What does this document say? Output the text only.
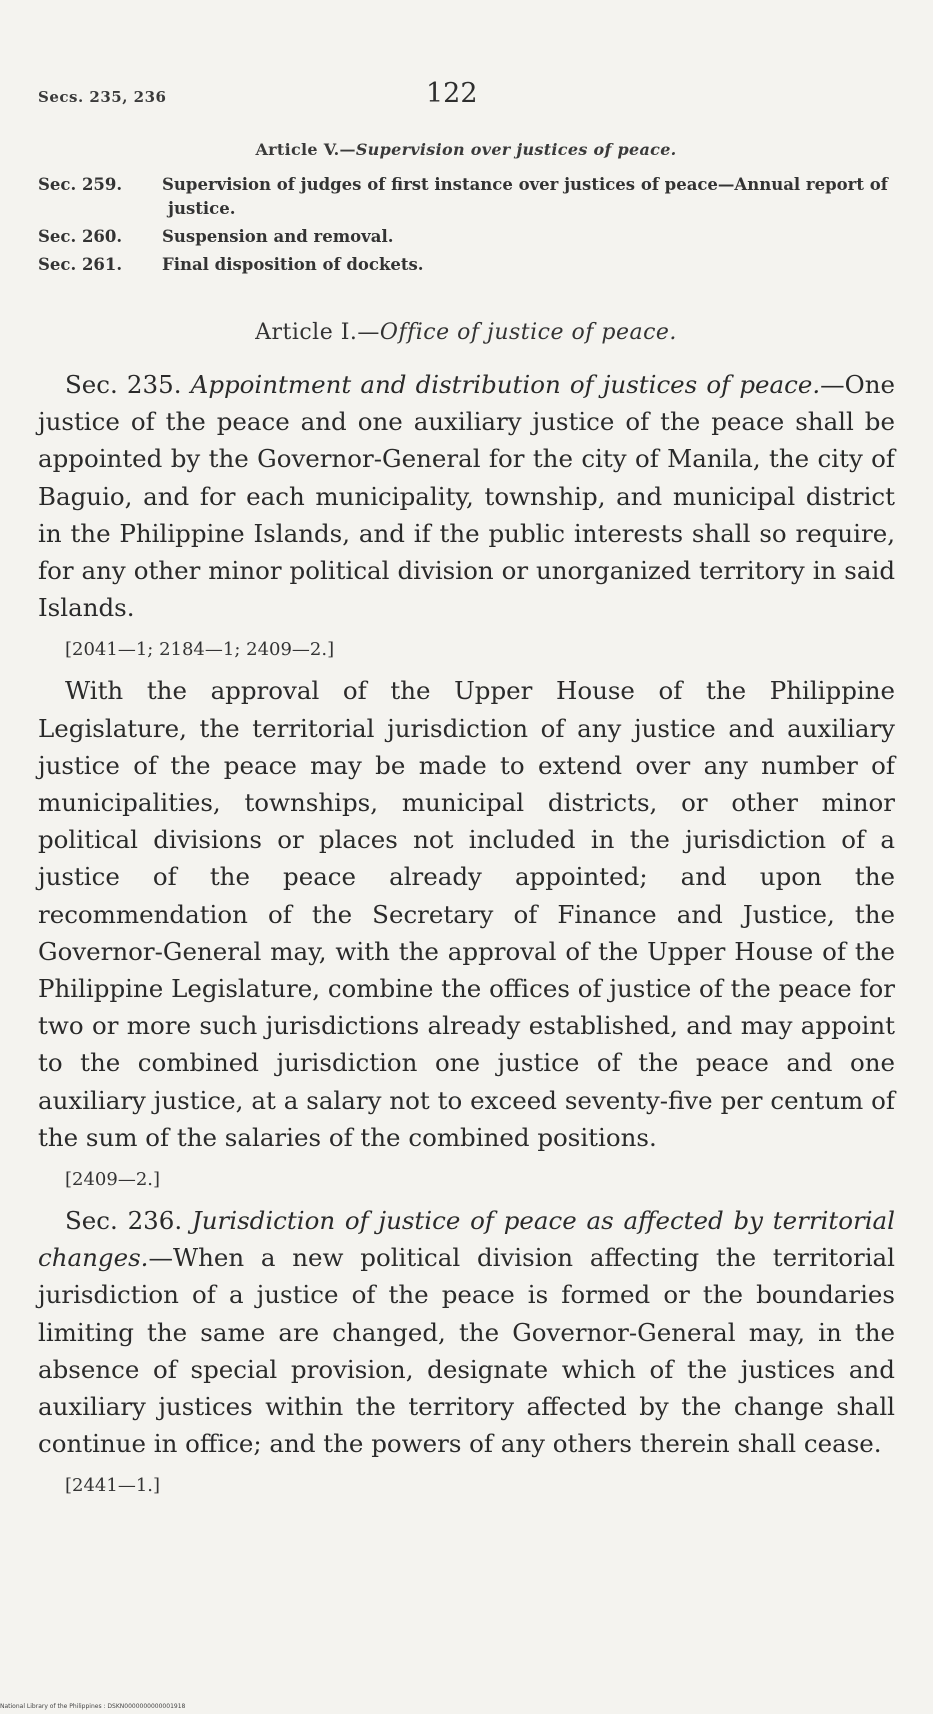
Secs. 235, 236	122
Article V.—Supervision over justices of peace.

Sec. 259. Supervision of judges of first instance over justices of peace—Annual report of justice.

Sec. 260. Suspension and removal.

Sec. 261. Final disposition of dockets.

Article I.—Office of justice of peace.

Sec. 235. Appointment and distribution of justices of peace.—One justice of the peace and one auxiliary justice of the peace shall be appointed by the Governor-General for the city of Manila, the city of Baguio, and for each municipality, township, and municipal district in the Philippine Islands, and if the public interests shall so require, for any other minor political division or unorganized territory in said Islands.

[2041—1; 2184—1; 2409—2.]

With the approval of the Upper House of the Philippine Legislature, the territorial jurisdiction of any justice and auxiliary justice of the peace may be made to extend over any number of municipalities, townships, municipal districts, or other minor political divisions or places not included in the jurisdiction of a justice of the peace already appointed; and upon the recommendation of the Secretary of Finance and Justice, the Governor-General may, with the approval of the Upper House of the Philippine Legislature, combine the offices of justice of the peace for two or more such jurisdictions already established, and may appoint to the combined jurisdiction one justice of the peace and one auxiliary justice, at a salary not to exceed seventy-five per centum of the sum of the salaries of the combined positions.

[2409—2.]

Sec. 236. Jurisdiction of justice of peace as affected by territorial changes.—When a new political division affecting the territorial jurisdiction of a justice of the peace is formed or the boundaries limiting the same are changed, the Governor-General may, in the absence of special provision, designate which of the justices and auxiliary justices within the territory affected by the change shall continue in office; and the powers of any others therein shall cease.

[2441—1.]
National Library of the Philippines : DSKN0000000000001918
